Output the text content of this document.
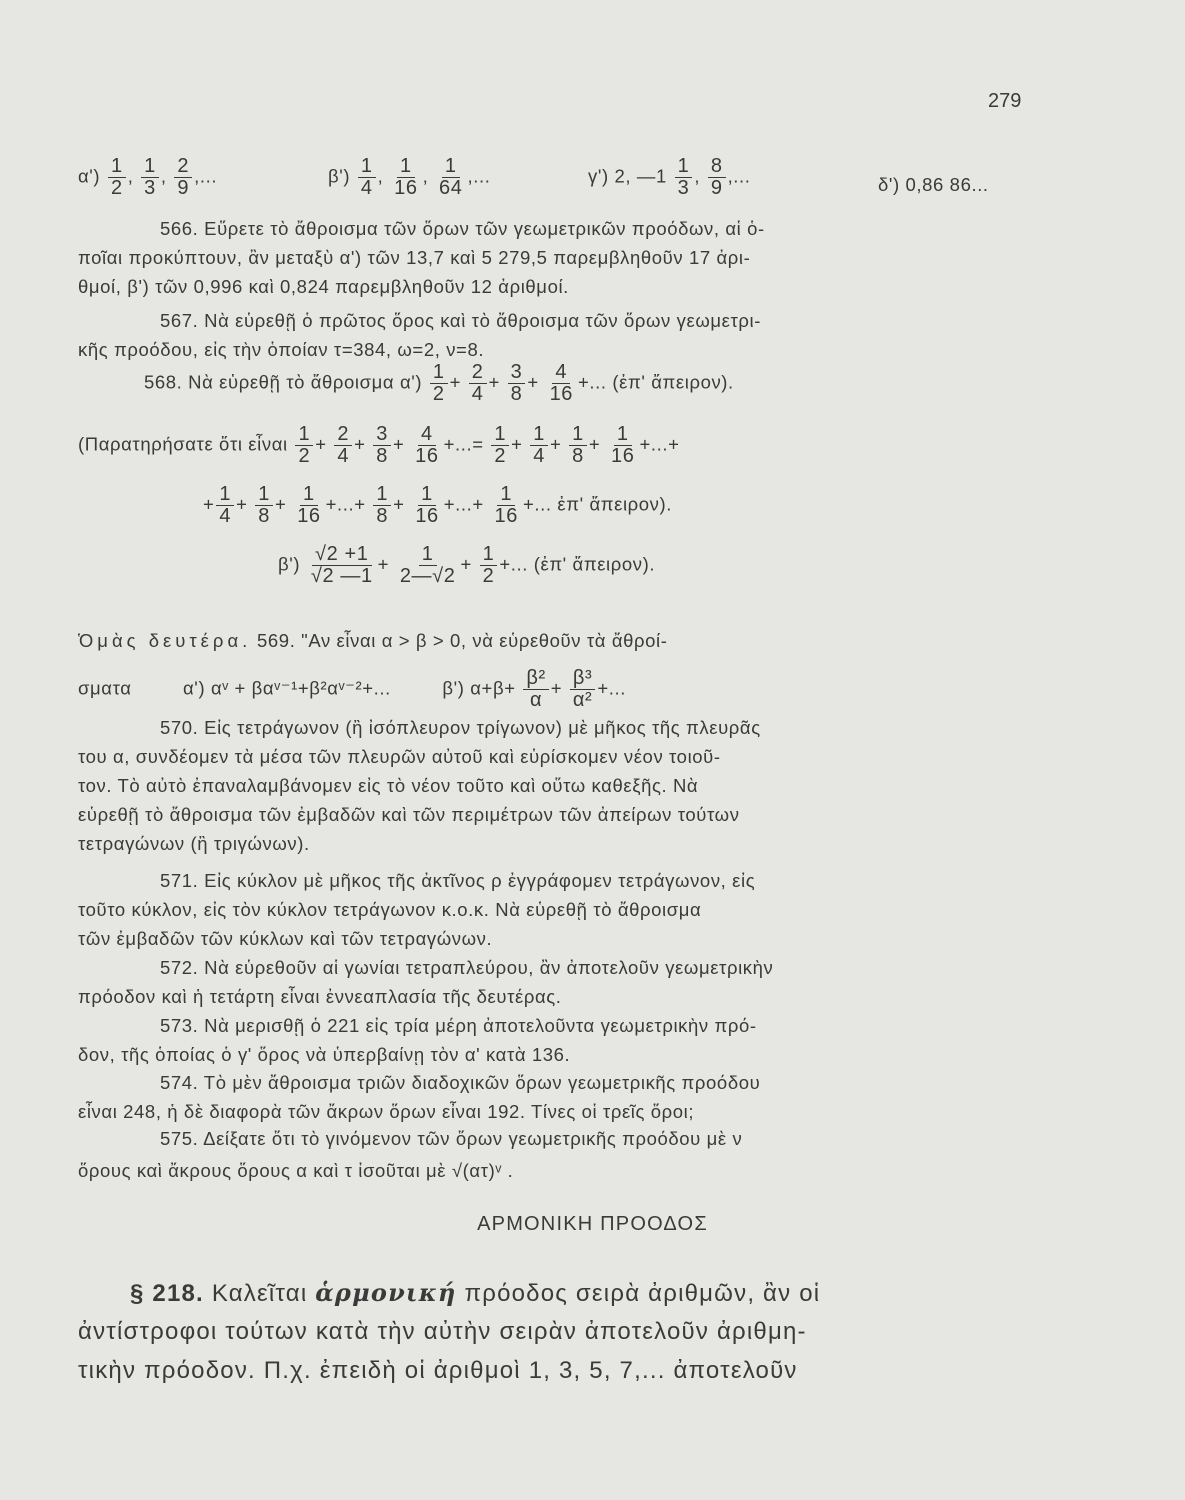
279
$\alpha') \frac{1}{2}$ , $\frac{1}{3}$ , $\frac{2}{9}$ ,...	$\beta') \frac{1}{4}$ , $\frac{1}{16}$ , $\frac{1}{64}$ ,...	γ') 2, —1 $\frac{1}{3}$ , $\frac{8}{9}$ ,...	δ') 0,86 86...
566. Εὕρετε τὸ ἄθροισμα τῶν ὅρων τῶν γεωμετρικῶν προόδων, αἱ ὁ-
ποῖαι προκύπτουν, ἂν μεταξὺ α') τῶν 13,7 καὶ 5 279,5 παρεμβληθοῦν 17 ἀρι-
θμοί, β') τῶν 0,996 καὶ 0,824 παρεμβληθοῦν 12 ἀριθμοί.
567. Νὰ εὑρεθῇ ὁ πρῶτος ὅρος καὶ τὸ ἄθροισμα τῶν ὅρων γεωμετρι-
κῆς προόδου, εἰς τὴν ὁποίαν τ=384, ω=2, ν=8.
568. Νὰ εὑρεθῇ τὸ ἄθροισμα $\alpha') \frac{1}{2} + \frac{2}{4} + \frac{3}{8} + \frac{4}{16}$ +... (ἐπ' ἄπειρον).
(Παρατηρήσατε ὅτι εἶναι $\frac{1}{2} + \frac{2}{4} + \frac{3}{8} + \frac{4}{16}$ +...= $\frac{1}{2} + \frac{1}{4} + \frac{1}{8} + \frac{1}{16}$ +...+
+ $\frac{1}{4} + \frac{1}{8} + \frac{1}{16}$ +...+ $\frac{1}{8} + \frac{1}{16}$ +...+ $\frac{1}{16}$ +... ἐπ' ἄπειρον).
$\beta') \frac{√2 +1}{√2 —1} + \frac{1}{2—√2} + \frac{1}{2}$ +... (ἐπ' ἄπειρον).
Ὁμὰς δευτέρα. 569. "Αν εἶναι α > β > 0, νὰ εὑρεθοῦν τὰ ἄθροί-
σματα	α') αᵛ + βαᵛ⁻¹+β²αᵛ⁻²+...	β') $\alpha+\beta+ \frac{\text{β²}}{\alpha} + \frac{\text{β³}}{\text{α²}}$ +...
570. Εἰς τετράγωνον (ἢ ἰσόπλευρον τρίγωνον) μὲ μῆκος τῆς πλευρᾶς
του α, συνδέομεν τὰ μέσα τῶν πλευρῶν αὐτοῦ καὶ εὑρίσκομεν νέον τοιοῦ-
τον. Τὸ αὐτὸ ἐπαναλαμβάνομεν εἰς τὸ νέον τοῦτο καὶ οὕτω καθεξῆς. Νὰ
εὑρεθῇ τὸ ἄθροισμα τῶν ἐμβαδῶν καὶ τῶν περιμέτρων τῶν ἀπείρων τούτων
τετραγώνων (ἢ τριγώνων).
571. Εἰς κύκλον μὲ μῆκος τῆς ἀκτῖνος ρ ἐγγράφομεν τετράγωνον, εἰς
τοῦτο κύκλον, εἰς τὸν κύκλον τετράγωνον κ.ο.κ. Νὰ εὑρεθῇ τὸ ἄθροισμα
τῶν ἐμβαδῶν τῶν κύκλων καὶ τῶν τετραγώνων.
572. Νὰ εὑρεθοῦν αἱ γωνίαι τετραπλεύρου, ἂν ἀποτελοῦν γεωμετρικὴν
πρόοδον καὶ ἡ τετάρτη εἶναι ἐννεαπλασία τῆς δευτέρας.
573. Νὰ μερισθῇ ὁ 221 εἰς τρία μέρη ἀποτελοῦντα γεωμετρικὴν πρό-
δον, τῆς ὁποίας ὁ γ' ὅρος νὰ ὑπερβαίνῃ τὸν α' κατὰ 136.
574. Τὸ μὲν ἄθροισμα τριῶν διαδοχικῶν ὅρων γεωμετρικῆς προόδου
εἶναι 248, ἡ δὲ διαφορὰ τῶν ἄκρων ὅρων εἶναι 192. Τίνες οἱ τρεῖς ὅροι;
575. Δείξατε ὅτι τὸ γινόμενον τῶν ὅρων γεωμετρικῆς προόδου μὲ ν
ὅρους καὶ ἄκρους ὅρους α καὶ τ ἰσοῦται μὲ √(ατ)ᵛ .
ΑΡΜΟΝΙΚΗ ΠΡΟΟΔΟΣ
§ 218. Καλεῖται ἁρμονική πρόοδος σειρὰ ἀριθμῶν, ἂν οἱ
ἀντίστροφοι τούτων κατὰ τὴν αὐτὴν σειρὰν ἀποτελοῦν ἀριθμη-
τικὴν πρόοδον. Π.χ. ἐπειδὴ οἱ ἀριθμοὶ 1, 3, 5, 7,... ἀποτελοῦν
